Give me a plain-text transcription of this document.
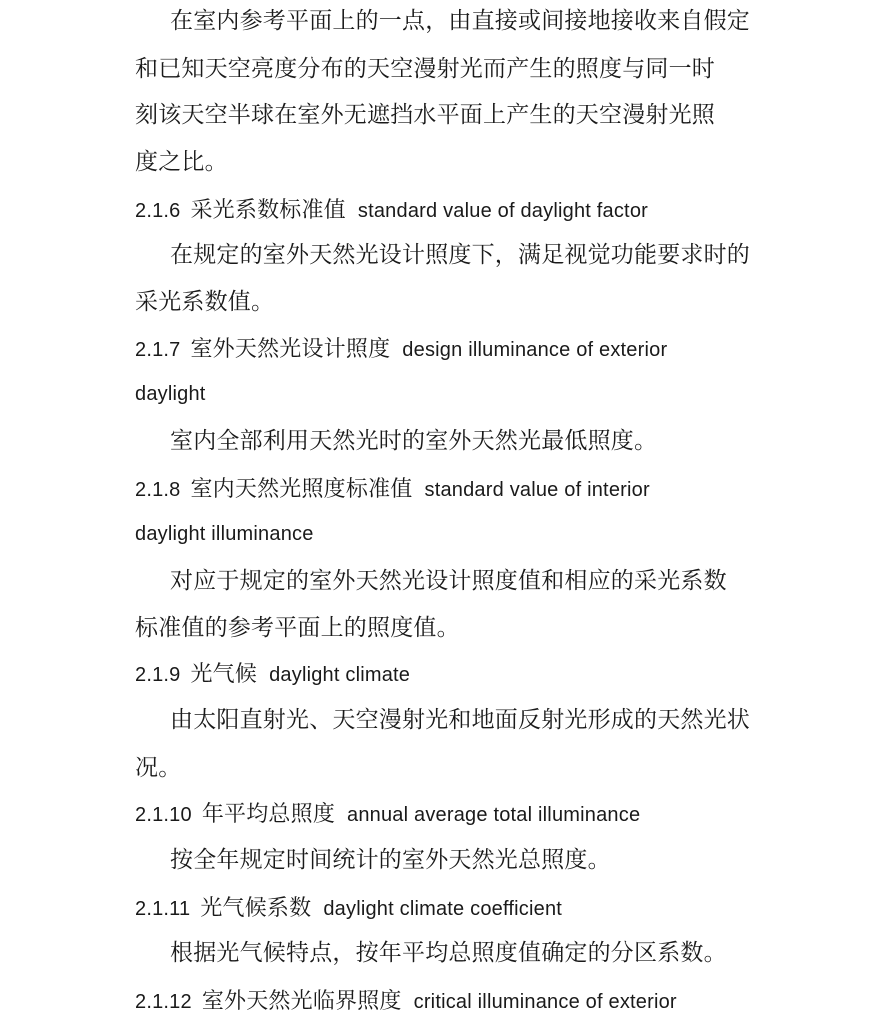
在室内参考平面上的一点，由直接或间接地接收来自假定
和已知天空亮度分布的天空漫射光而产生的照度与同一时
刻该天空半球在室外无遮挡水平面上产生的天空漫射光照
度之比。
2.1.6 采光系数标准值 standard value of daylight factor
在规定的室外天然光设计照度下，满足视觉功能要求时的
采光系数值。
2.1.7 室外天然光设计照度 design illuminance of exterior
daylight
室内全部利用天然光时的室外天然光最低照度。
2.1.8 室内天然光照度标准值 standard value of interior
daylight illuminance
对应于规定的室外天然光设计照度值和相应的采光系数
标准值的参考平面上的照度值。
2.1.9 光气候 daylight climate
由太阳直射光、天空漫射光和地面反射光形成的天然光状
况。
2.1.10 年平均总照度 annual average total illuminance
按全年规定时间统计的室外天然光总照度。
2.1.11 光气候系数 daylight climate coefficient
根据光气候特点，按年平均总照度值确定的分区系数。
2.1.12 室外天然光临界照度 critical illuminance of exterior
